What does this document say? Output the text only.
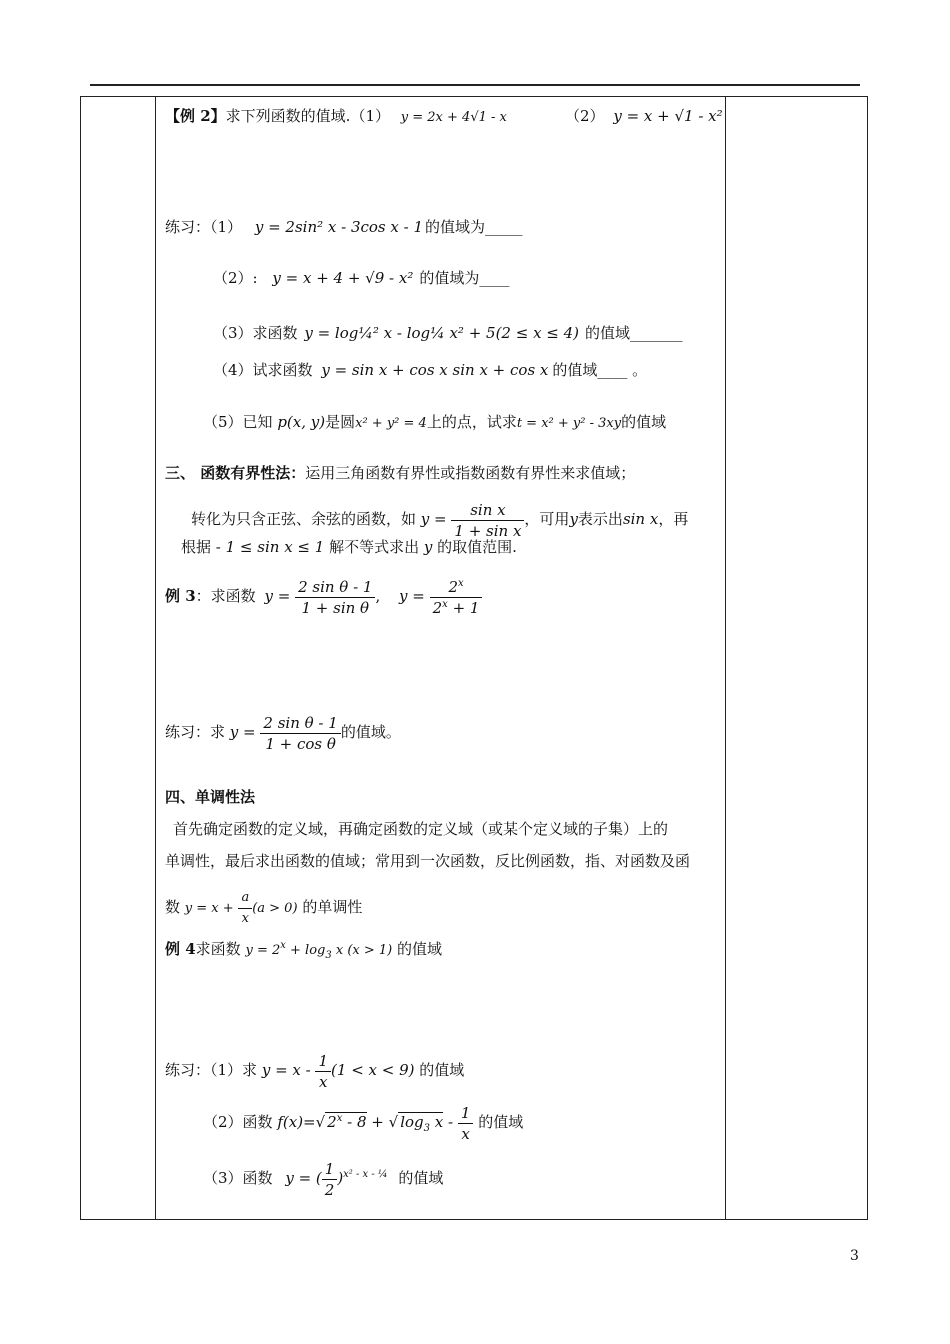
【例 2】求下列函数的值域.（1） y = 2x + 4√1 - x	（2） y = x + √1 - x²
练习：（1） y = 2sin² x - 3cos x - 1 的值域为_____
（2）: y = x + 4 + √9 - x² 的值域为____
（3）求函数 y = log¼² x - log¼ x² + 5(2 ≤ x ≤ 4) 的值域_______
（4）试求函数 y = sin x + cos x sin x + cos x 的值域____ 。
（5）已知 p(x, y)是圆x² + y² = 4上的点，试求t = x² + y² - 3xy的值域
三、 函数有界性法：运用三角函数有界性或指数函数有界性来求值域；
转化为只含正弦、余弦的函数，如 $y = \frac{\text{sin x}}{\text{1 + sin x}}$ ，可用y表示出sin x，再
根据 - 1 ≤ sin x ≤ 1 解不等式求出 y 的取值范围.
例 3：求函数 $y = \frac{\text{2 sin θ - 1}}{\text{1 + sin θ}}$ , $y = \frac{2^x}{2^x + 1}$
练习：求 $y = \frac{\text{2 sin θ - 1}}{\text{1 + cos θ}}$ 的值域。
四、单调性法
首先确定函数的定义域，再确定函数的定义域（或某个定义域的子集）上的
单调性，最后求出函数的值域；常用到一次函数，反比例函数，指、对函数及函
数 $y = x + \frac{a}{x} (a > 0)$ 的单调性
例 4求函数 $y = 2^x + \log_3 x$ (x > 1) 的值域
练习：（1）求 $y = x - \frac{1}{x} (1 < x < 9)$ 的值域
（2）函数 f(x)=√ 2$^x$ - 8 + √ $\log_3 x - \frac{1}{x}$ 的值域
（3）函数 y = ( $\frac{1}{2} )^{x^2 - x - \frac{1}{4}}$ 的值域
3
